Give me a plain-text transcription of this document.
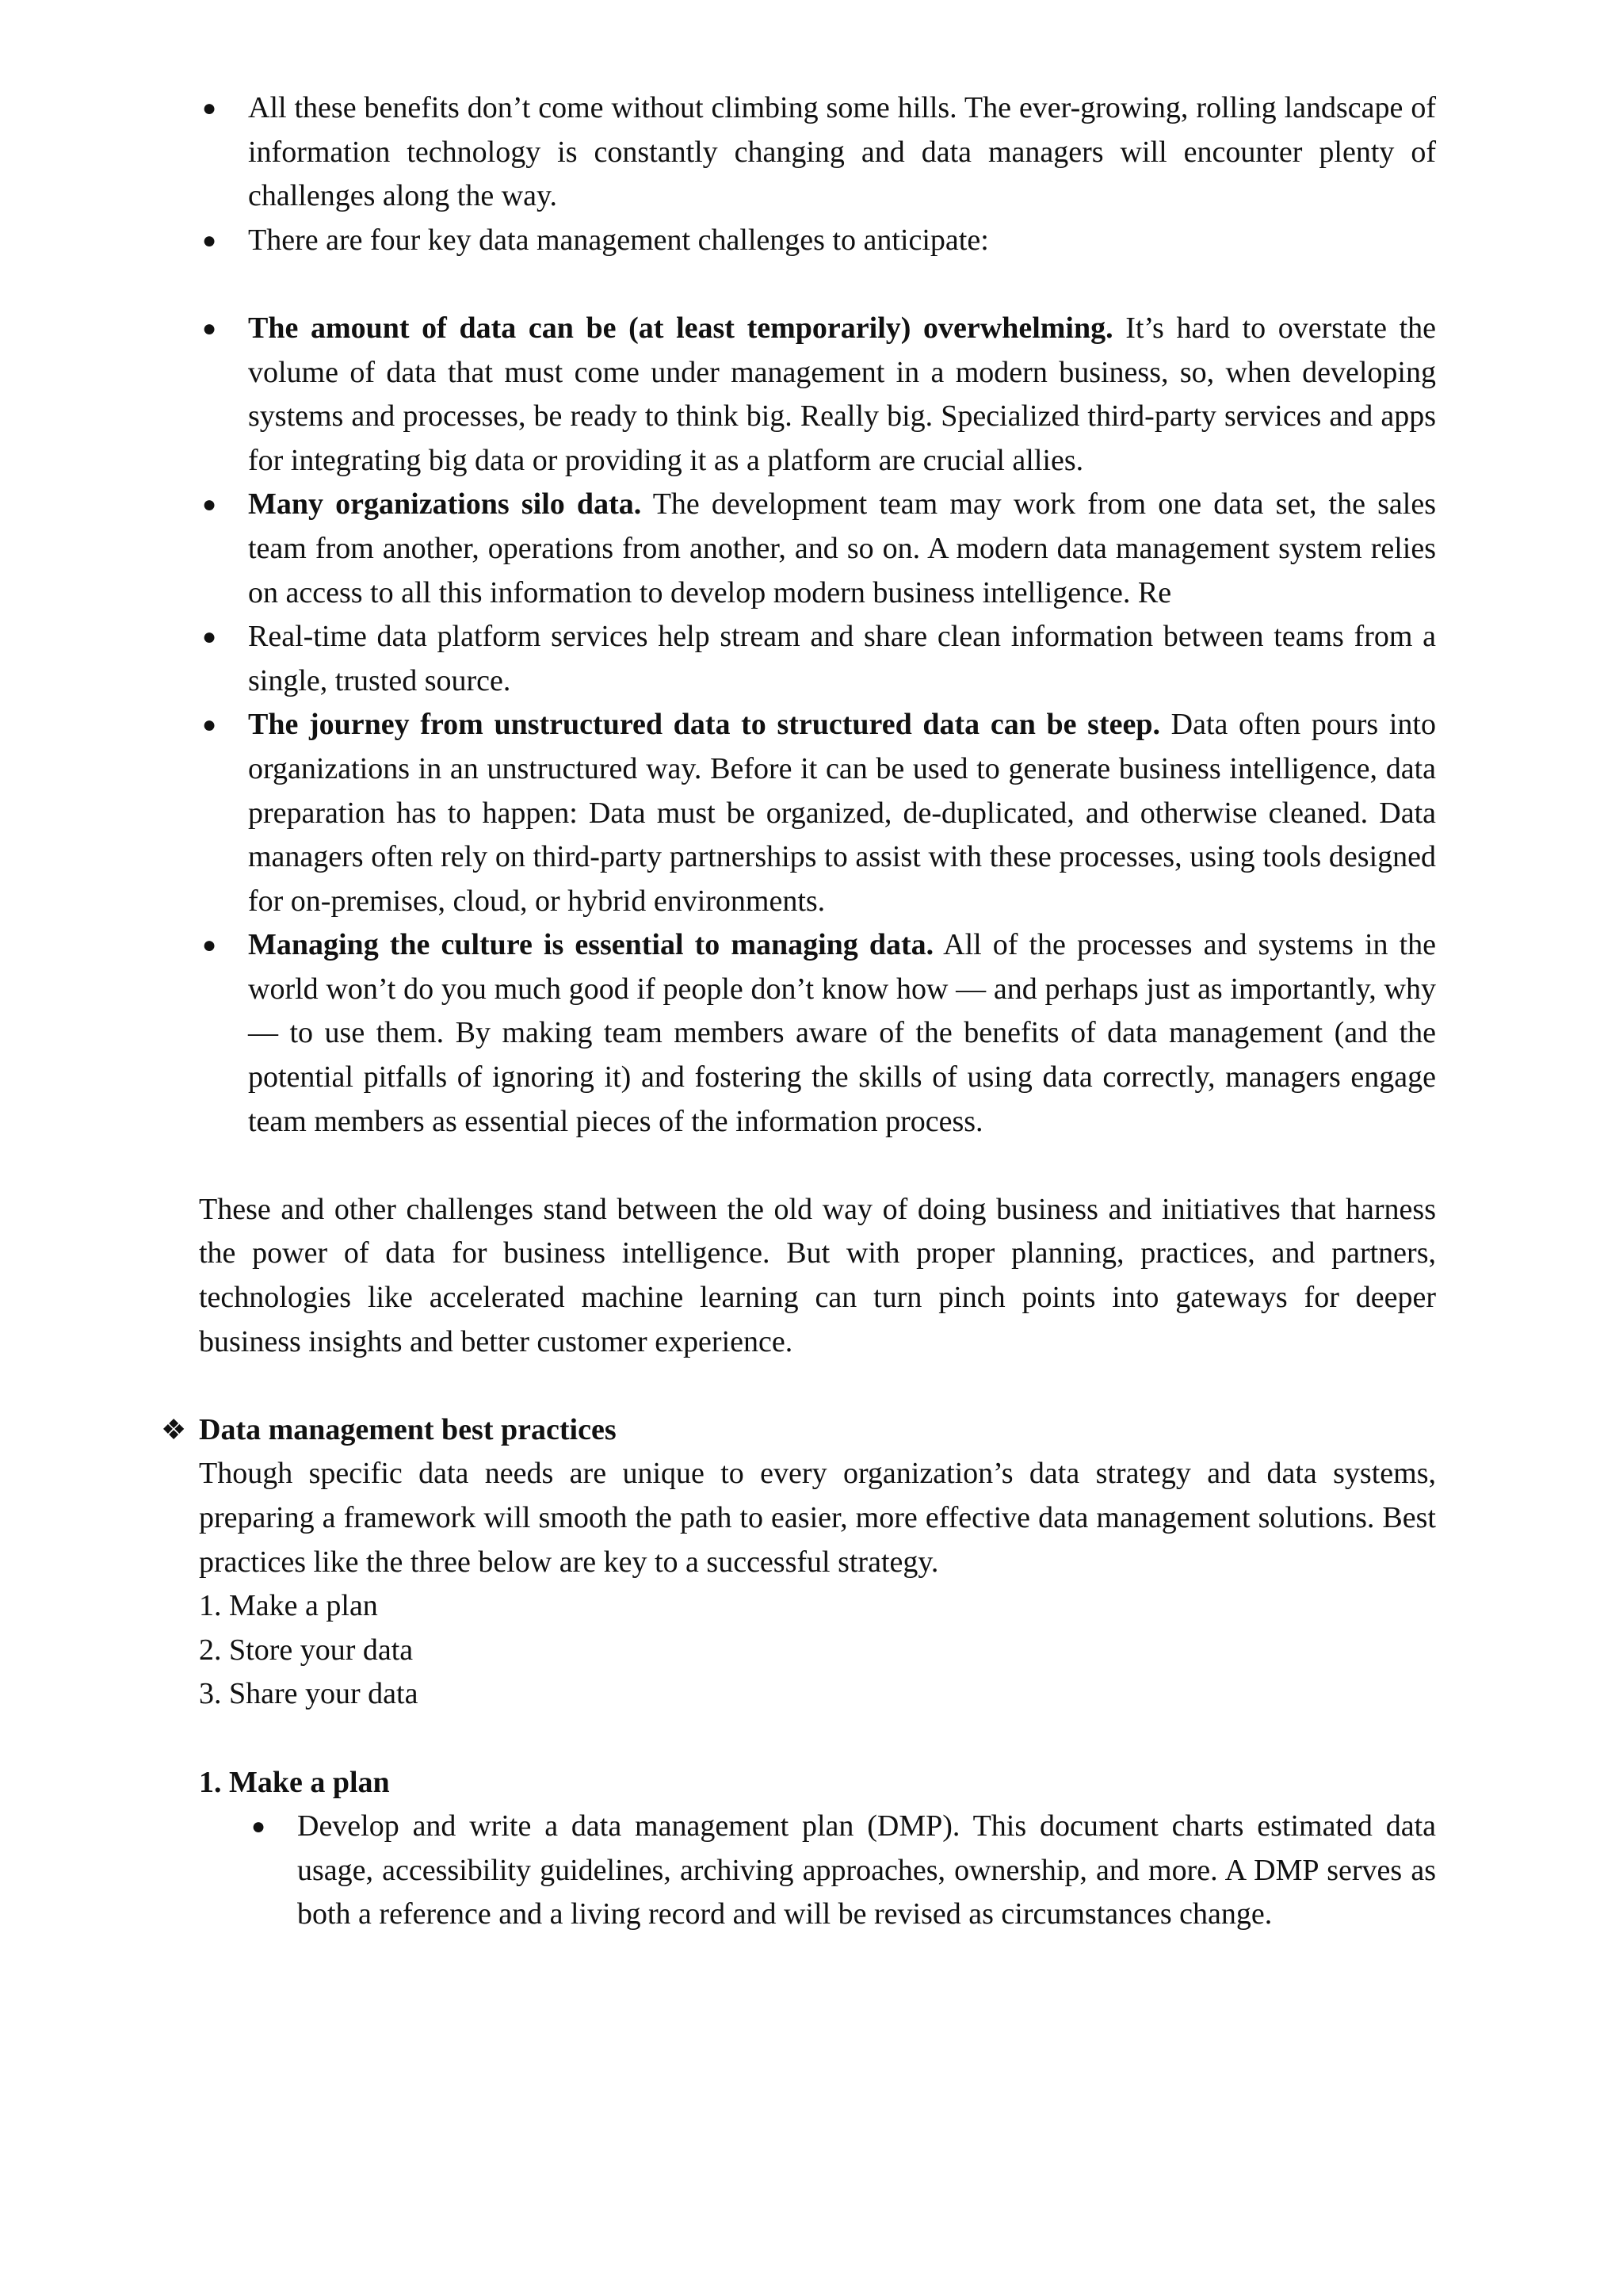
● All these benefits don’t come without climbing some hills. The ever-growing, rolling landscape of information technology is constantly changing and data managers will encounter plenty of challenges along the way.
● There are four key data management challenges to anticipate:
● The amount of data can be (at least temporarily) overwhelming. It’s hard to overstate the volume of data that must come under management in a modern business, so, when developing systems and processes, be ready to think big. Really big. Specialized third-party services and apps for integrating big data or providing it as a platform are crucial allies.
● Many organizations silo data. The development team may work from one data set, the sales team from another, operations from another, and so on. A modern data management system relies on access to all this information to develop modern business intelligence. Re
● Real-time data platform services help stream and share clean information between teams from a single, trusted source.
● The journey from unstructured data to structured data can be steep. Data often pours into organizations in an unstructured way. Before it can be used to generate business intelligence, data preparation has to happen: Data must be organized, de-duplicated, and otherwise cleaned. Data managers often rely on third-party partnerships to assist with these processes, using tools designed for on-premises, cloud, or hybrid environments.
● Managing the culture is essential to managing data. All of the processes and systems in the world won’t do you much good if people don’t know how — and perhaps just as importantly, why — to use them. By making team members aware of the benefits of data management (and the potential pitfalls of ignoring it) and fostering the skills of using data correctly, managers engage team members as essential pieces of the information process.

These and other challenges stand between the old way of doing business and initiatives that harness the power of data for business intelligence. But with proper planning, practices, and partners, technologies like accelerated machine learning can turn pinch points into gateways for deeper business insights and better customer experience.

❖ Data management best practices

Though specific data needs are unique to every organization’s data strategy and data systems, preparing a framework will smooth the path to easier, more effective data management solutions. Best practices like the three below are key to a successful strategy.

1. Make a plan
2. Store your data
3. Share your data
1. Make a plan
● Develop and write a data management plan (DMP). This document charts estimated data usage, accessibility guidelines, archiving approaches, ownership, and more. A DMP serves as both a reference and a living record and will be revised as circumstances change.
